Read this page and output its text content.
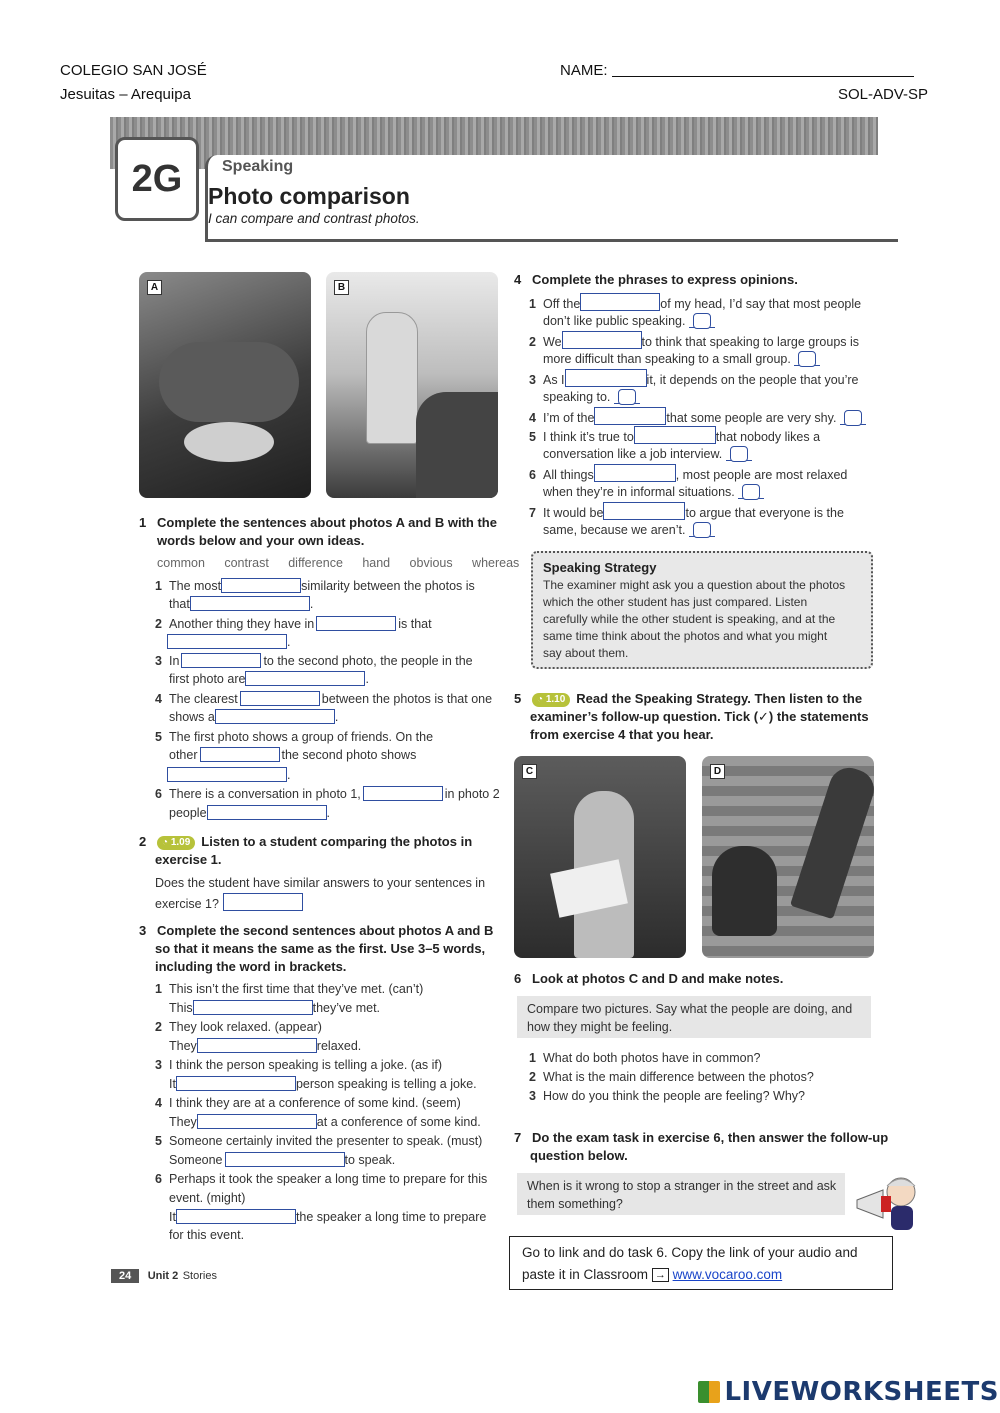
COLEGIO SAN JOSÉ
Jesuitas – Arequipa
NAME:
SOL-ADV-SP
2G	Speaking
Photo comparison
I can compare and contrast photos.
A	B
1 Complete the sentences about photos A and B with the
words below and your own ideas.
common   contrast   difference   hand   obvious   whereas
1 The most	similarity between the photos is
that	.
2 Another thing they have in	is that
.
3 In	to the second photo, the people in the
first photo are	.
4 The clearest	between the photos is that one
shows a	.
5 The first photo shows a group of friends. On the
other	the second photo shows
.
6 There is a conversation in photo 1,	in photo 2
people	.
2 ◔ 1.09 Listen to a student comparing the photos in
exercise 1.
Does the student have similar answers to your sentences in
exercise 1?
3 Complete the second sentences about photos A and B
so that it means the same as the first. Use 3–5 words,
including the word in brackets.
1 This isn’t the first time that they’ve met. (can’t)
This	they’ve met.
2 They look relaxed. (appear)
They	relaxed.
3 I think the person speaking is telling a joke. (as if)
It	person speaking is telling a joke.
4 I think they are at a conference of some kind. (seem)
They	at a conference of some kind.
5 Someone certainly invited the presenter to speak. (must)
Someone	to speak.
6 Perhaps it took the speaker a long time to prepare for this
event. (might)
It	the speaker a long time to prepare
for this event.
24 Unit 2 Stories
4 Complete the phrases to express opinions.
1 Off the	of my head, I’d say that most people
don’t like public speaking.
2 We	to think that speaking to large groups is
more difficult than speaking to a small group.
3 As I	it, it depends on the people that you’re
speaking to.
4 I’m of the	that some people are very shy.
5 I think it’s true to	that nobody likes a
conversation like a job interview.
6 All things	, most people are most relaxed
when they’re in informal situations.
7 It would be	to argue that everyone is the
same, because we aren’t.
Speaking Strategy
The examiner might ask you a question about the photos
which the other student has just compared. Listen
carefully while the other student is speaking, and at the
same time think about the photos and what you might
say about them.
5 ◔ 1.10 Read the Speaking Strategy. Then listen to the
examiner’s follow-up question. Tick (✓) the statements
from exercise 4 that you hear.
C	D
6 Look at photos C and D and make notes.
Compare two pictures. Say what the people are doing, and
how they might be feeling.
1 What do both photos have in common?
2 What is the main difference between the photos?
3 How do you think the people are feeling? Why?
7 Do the exam task in exercise 6, then answer the follow-up
question below.
When is it wrong to stop a stranger in the street and ask
them something?
Go to link and do task 6. Copy the link of your audio and
paste it in Classroom → www.vocaroo.com
LIVEWORKSHEETS
